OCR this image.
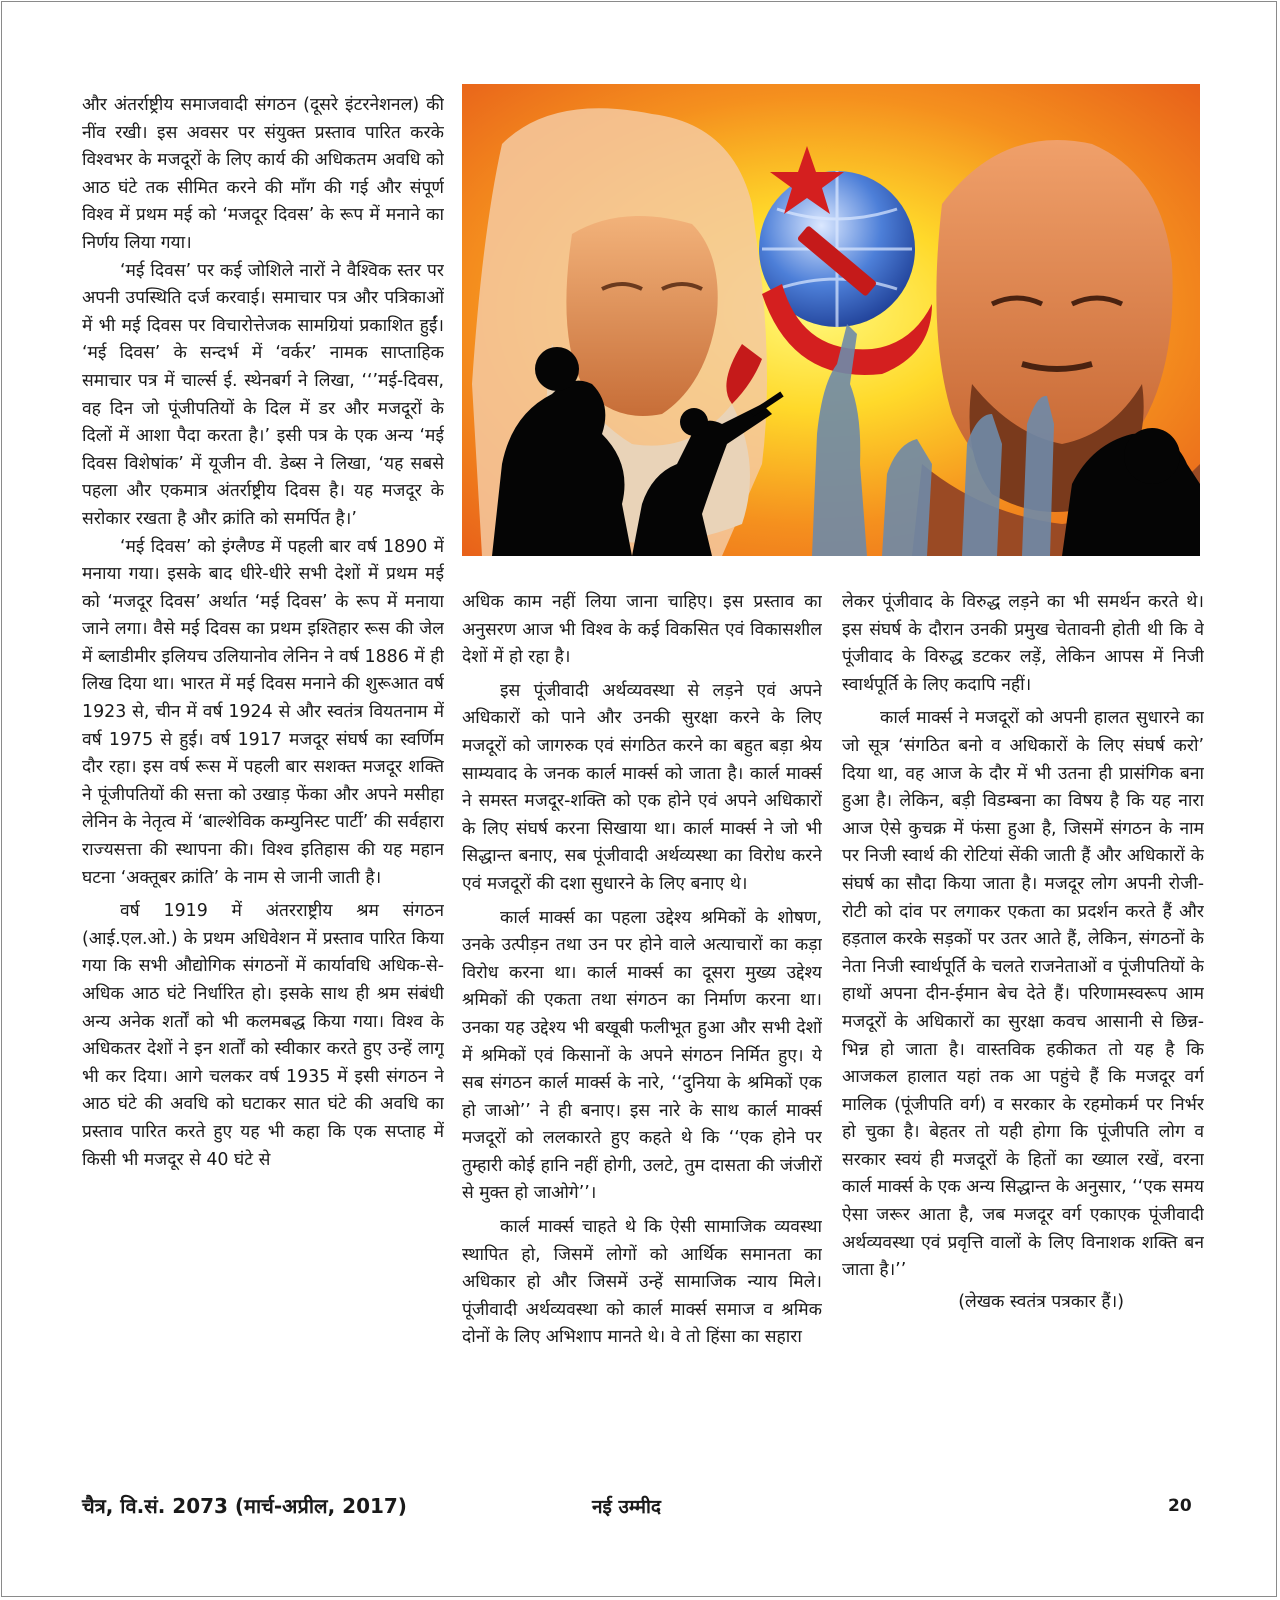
और अंतर्राष्ट्रीय समाजवादी संगठन (दूसरे इंटरनेशनल) की नींव रखी। इस अवसर पर संयुक्त प्रस्ताव पारित करके विश्वभर के मजदूरों के लिए कार्य की अधिकतम अवधि को आठ घंटे तक सीमित करने की माँग की गई और संपूर्ण विश्व में प्रथम मई को ‘मजदूर दिवस’ के रूप में मनाने का निर्णय लिया गया।

‘मई दिवस’ पर कई जोशिले नारों ने वैश्विक स्तर पर अपनी उपस्थिति दर्ज करवाई। समाचार पत्र और पत्रिकाओं में भी मई दिवस पर विचारोत्तेजक सामग्रियां प्रकाशित हुईं। ‘मई दिवस’ के सन्दर्भ में ‘वर्कर’ नामक साप्ताहिक समाचार पत्र में चार्ल्स ई. स्थेनबर्ग ने लिखा, ‘‘’मई-दिवस, वह दिन जो पूंजीपतियों के दिल में डर और मजदूरों के दिलों में आशा पैदा करता है।’ इसी पत्र के एक अन्य ‘मई दिवस विशेषांक’ में यूजीन वी. डेब्स ने लिखा, ‘यह सबसे पहला और एकमात्र अंतर्राष्ट्रीय दिवस है। यह मजदूर के सरोकार रखता है और क्रांति को समर्पित है।’

‘मई दिवस’ को इंग्लैण्ड में पहली बार वर्ष 1890 में मनाया गया। इसके बाद धीरे-धीरे सभी देशों में प्रथम मई को ‘मजदूर दिवस’ अर्थात ‘मई दिवस’ के रूप में मनाया जाने लगा। वैसे मई दिवस का प्रथम इश्तिहार रूस की जेल में ब्लाडीमीर इलियच उलियानोव लेनिन ने वर्ष 1886 में ही लिख दिया था। भारत में मई दिवस मनाने की शुरूआत वर्ष 1923 से, चीन में वर्ष 1924 से और स्वतंत्र वियतनाम में वर्ष 1975 से हुई। वर्ष 1917 मजदूर संघर्ष का स्वर्णिम दौर रहा। इस वर्ष रूस में पहली बार सशक्त मजदूर शक्ति ने पूंजीपतियों की सत्ता को उखाड़ फेंका और अपने मसीहा लेनिन के नेतृत्व में ‘बाल्शेविक कम्युनिस्ट पार्टी’ की सर्वहारा राज्यसत्ता की स्थापना की। विश्व इतिहास की यह महान घटना ‘अक्तूबर क्रांति’ के नाम से जानी जाती है।

वर्ष 1919 में अंतरराष्ट्रीय श्रम संगठन (आई.एल.ओ.) के प्रथम अधिवेशन में प्रस्ताव पारित किया गया कि सभी औद्योगिक संगठनों में कार्यावधि अधिक-से-अधिक आठ घंटे निर्धारित हो। इसके साथ ही श्रम संबंधी अन्य अनेक शर्तों को भी कलमबद्ध किया गया। विश्व के अधिकतर देशों ने इन शर्तों को स्वीकार करते हुए उन्हें लागू भी कर दिया। आगे चलकर वर्ष 1935 में इसी संगठन ने आठ घंटे की अवधि को घटाकर सात घंटे की अवधि का प्रस्ताव पारित करते हुए यह भी कहा कि एक सप्ताह में किसी भी मजदूर से 40 घंटे से

अधिक काम नहीं लिया जाना चाहिए। इस प्रस्ताव का अनुसरण आज भी विश्व के कई विकसित एवं विकासशील देशों में हो रहा है।

इस पूंजीवादी अर्थव्यवस्था से लड़ने एवं अपने अधिकारों को पाने और उनकी सुरक्षा करने के लिए मजदूरों को जागरुक एवं संगठित करने का बहुत बड़ा श्रेय साम्यवाद के जनक कार्ल मार्क्स को जाता है। कार्ल मार्क्स ने समस्त मजदूर-शक्ति को एक होने एवं अपने अधिकारों के लिए संघर्ष करना सिखाया था। कार्ल मार्क्स ने जो भी सिद्धान्त बनाए, सब पूंजीवादी अर्थव्यस्था का विरोध करने एवं मजदूरों की दशा सुधारने के लिए बनाए थे।

कार्ल मार्क्स का पहला उद्देश्य श्रमिकों के शोषण, उनके उत्पीड़न तथा उन पर होने वाले अत्याचारों का कड़ा विरोध करना था। कार्ल मार्क्स का दूसरा मुख्य उद्देश्य श्रमिकों की एकता तथा संगठन का निर्माण करना था। उनका यह उद्देश्य भी बखूबी फलीभूत हुआ और सभी देशों में श्रमिकों एवं किसानों के अपने संगठन निर्मित हुए। ये सब संगठन कार्ल मार्क्स के नारे, ‘‘दुनिया के श्रमिकों एक हो जाओ’’ ने ही बनाए। इस नारे के साथ कार्ल मार्क्स मजदूरों को ललकारते हुए कहते थे कि ‘‘एक होने पर तुम्हारी कोई हानि नहीं होगी, उलटे, तुम दासता की जंजीरों से मुक्त हो जाओगे’’।

कार्ल मार्क्स चाहते थे कि ऐसी सामाजिक व्यवस्था स्थापित हो, जिसमें लोगों को आर्थिक समानता का अधिकार हो और जिसमें उन्हें सामाजिक न्याय मिले। पूंजीवादी अर्थव्यवस्था को कार्ल मार्क्स समाज व श्रमिक दोनों के लिए अभिशाप मानते थे। वे तो हिंसा का सहारा

लेकर पूंजीवाद के विरुद्ध लड़ने का भी समर्थन करते थे। इस संघर्ष के दौरान उनकी प्रमुख चेतावनी होती थी कि वे पूंजीवाद के विरुद्ध डटकर लड़ें, लेकिन आपस में निजी स्वार्थपूर्ति के लिए कदापि नहीं।

कार्ल मार्क्स ने मजदूरों को अपनी हालत सुधारने का जो सूत्र ‘संगठित बनो व अधिकारों के लिए संघर्ष करो’ दिया था, वह आज के दौर में भी उतना ही प्रासंगिक बना हुआ है। लेकिन, बड़ी विडम्बना का विषय है कि यह नारा आज ऐसे कुचक्र में फंसा हुआ है, जिसमें संगठन के नाम पर निजी स्वार्थ की रोटियां सेंकी जाती हैं और अधिकारों के संघर्ष का सौदा किया जाता है। मजदूर लोग अपनी रोजी-रोटी को दांव पर लगाकर एकता का प्रदर्शन करते हैं और हड़ताल करके सड़कों पर उतर आते हैं, लेकिन, संगठनों के नेता निजी स्वार्थपूर्ति के चलते राजनेताओं व पूंजीपतियों के हाथों अपना दीन-ईमान बेच देते हैं। परिणामस्वरूप आम मजदूरों के अधिकारों का सुरक्षा कवच आसानी से छिन्न-भिन्न हो जाता है। वास्तविक हकीकत तो यह है कि आजकल हालात यहां तक आ पहुंचे हैं कि मजदूर वर्ग मालिक (पूंजीपति वर्ग) व सरकार के रहमोकर्म पर निर्भर हो चुका है। बेहतर तो यही होगा कि पूंजीपति लोग व सरकार स्वयं ही मजदूरों के हितों का ख्याल रखें, वरना कार्ल मार्क्स के एक अन्य सिद्धान्त के अनुसार, ‘‘एक समय ऐसा जरूर आता है, जब मजदूर वर्ग एकाएक पूंजीवादी अर्थव्यवस्था एवं प्रवृत्ति वालों के लिए विनाशक शक्ति बन जाता है।’’

(लेखक स्वतंत्र पत्रकार हैं।)

चैत्र, वि.सं. 2073 (मार्च-अप्रील, 2017)	नई उम्मीद	20
